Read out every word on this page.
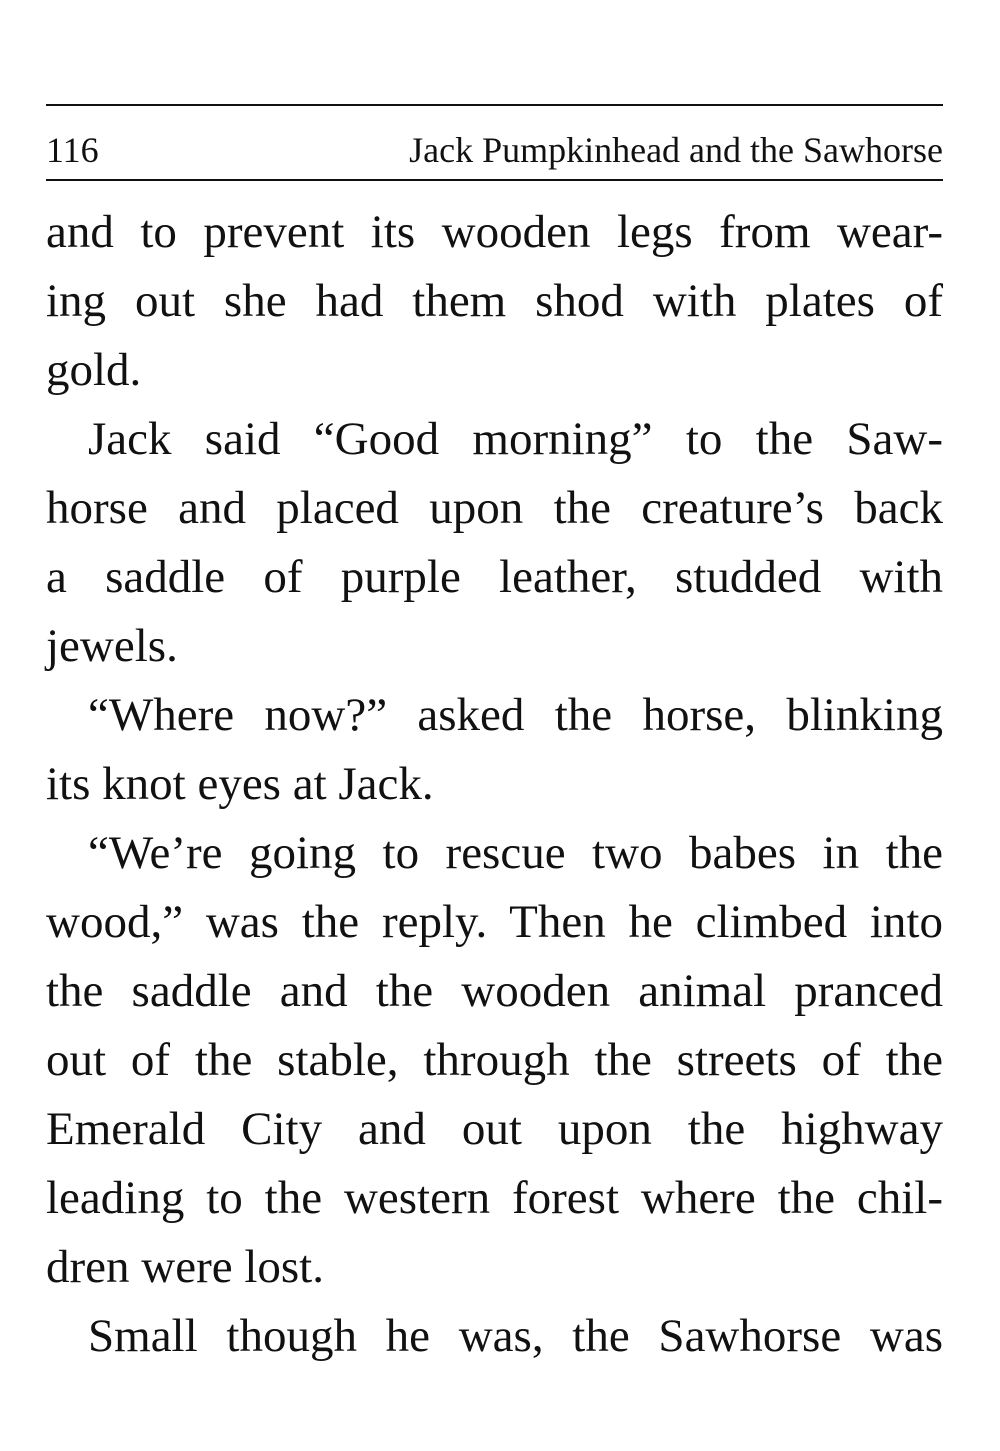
116	Jack Pumpkinhead and the Sawhorse
and to prevent its wooden legs from wear-
ing out she had them shod with plates of
gold.
Jack said “Good morning” to the Saw-
horse and placed upon the creature’s back
a saddle of purple leather, studded with
jewels.
“Where now?” asked the horse, blinking
its knot eyes at Jack.
“We’re going to rescue two babes in the
wood,” was the reply. Then he climbed into
the saddle and the wooden animal pranced
out of the stable, through the streets of the
Emerald City and out upon the highway
leading to the western forest where the chil-
dren were lost.
Small though he was, the Sawhorse was
